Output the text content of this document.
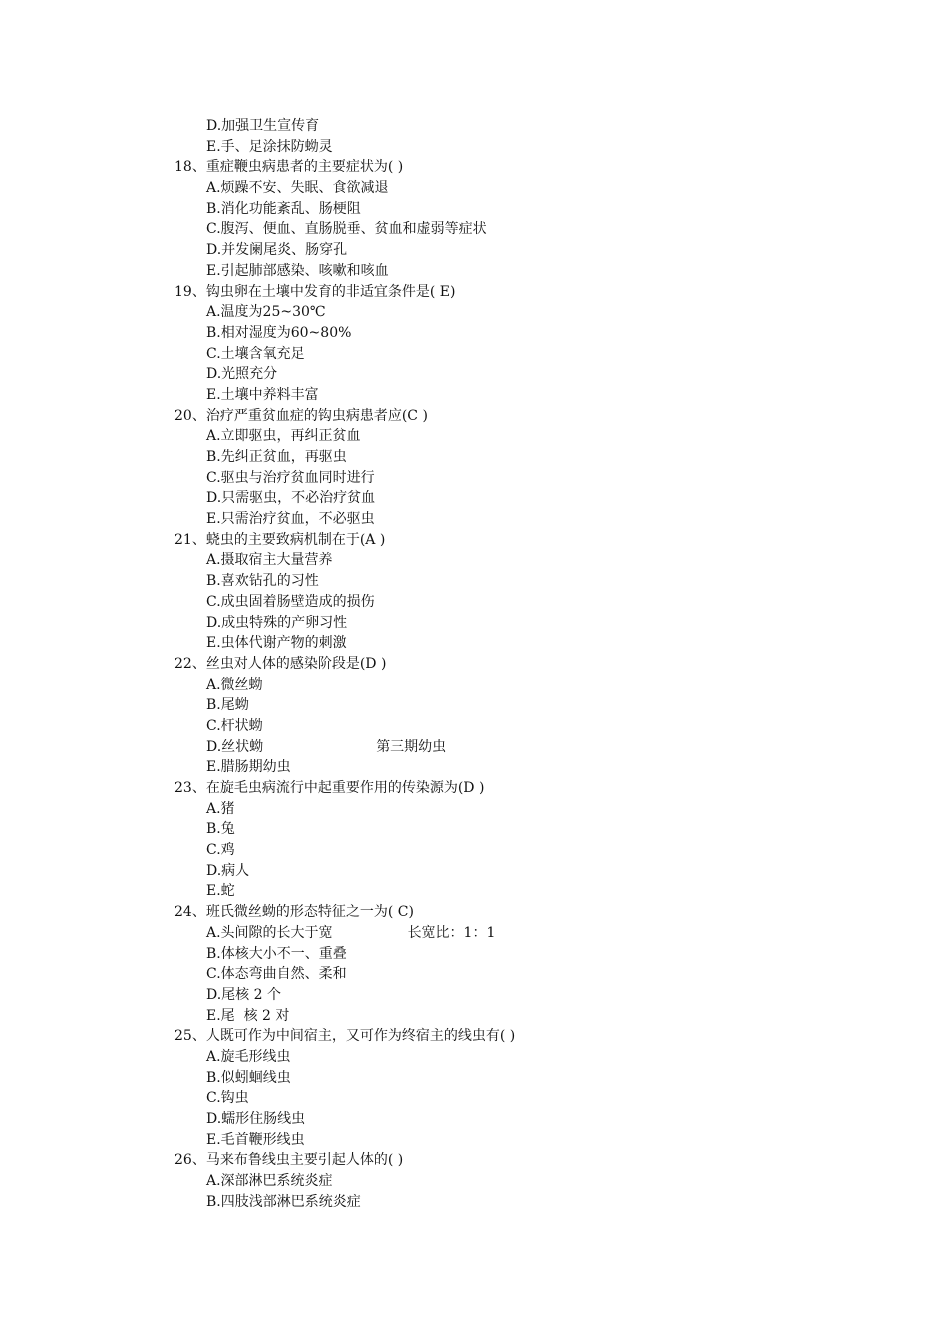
D.加强卫生宣传育
E.手、足涂抹防蚴灵
18、重症鞭虫病患者的主要症状为( )
A.烦躁不安、失眠、食欲减退
B.消化功能紊乱、肠梗阻
C.腹泻、便血、直肠脱垂、贫血和虚弱等症状
D.并发阑尾炎、肠穿孔
E.引起肺部感染、咳嗽和咳血
19、钩虫卵在土壤中发育的非适宜条件是( E)
A.温度为25~30℃
B.相对湿度为60~80%
C.土壤含氧充足
D.光照充分
E.土壤中养料丰富
20、治疗严重贫血症的钩虫病患者应(C )
A.立即驱虫，再纠正贫血
B.先纠正贫血，再驱虫
C.驱虫与治疗贫血同时进行
D.只需驱虫，不必治疗贫血
E.只需治疗贫血，不必驱虫
21、蛲虫的主要致病机制在于(A )
A.摄取宿主大量营养
B.喜欢钻孔的习性
C.成虫固着肠壁造成的损伤
D.成虫特殊的产卵习性
E.虫体代谢产物的刺激
22、丝虫对人体的感染阶段是(D )
A.微丝蚴
B.尾蚴
C.杆状蚴
D.丝状蚴	第三期幼虫
E.腊肠期幼虫
23、在旋毛虫病流行中起重要作用的传染源为(D )
A.猪
B.兔
C.鸡
D.病人
E.蛇
24、班氏微丝蚴的形态特征之一为( C)
A.头间隙的长大于宽	长宽比：1：1
B.体核大小不一、重叠
C.体态弯曲自然、柔和
D.尾核 2 个
E.尾  核 2 对
25、人既可作为中间宿主，又可作为终宿主的线虫有( )
A.旋毛形线虫
B.似蚓蛔线虫
C.钩虫
D.蠕形住肠线虫
E.毛首鞭形线虫
26、马来布鲁线虫主要引起人体的( )
A.深部淋巴系统炎症
B.四肢浅部淋巴系统炎症
